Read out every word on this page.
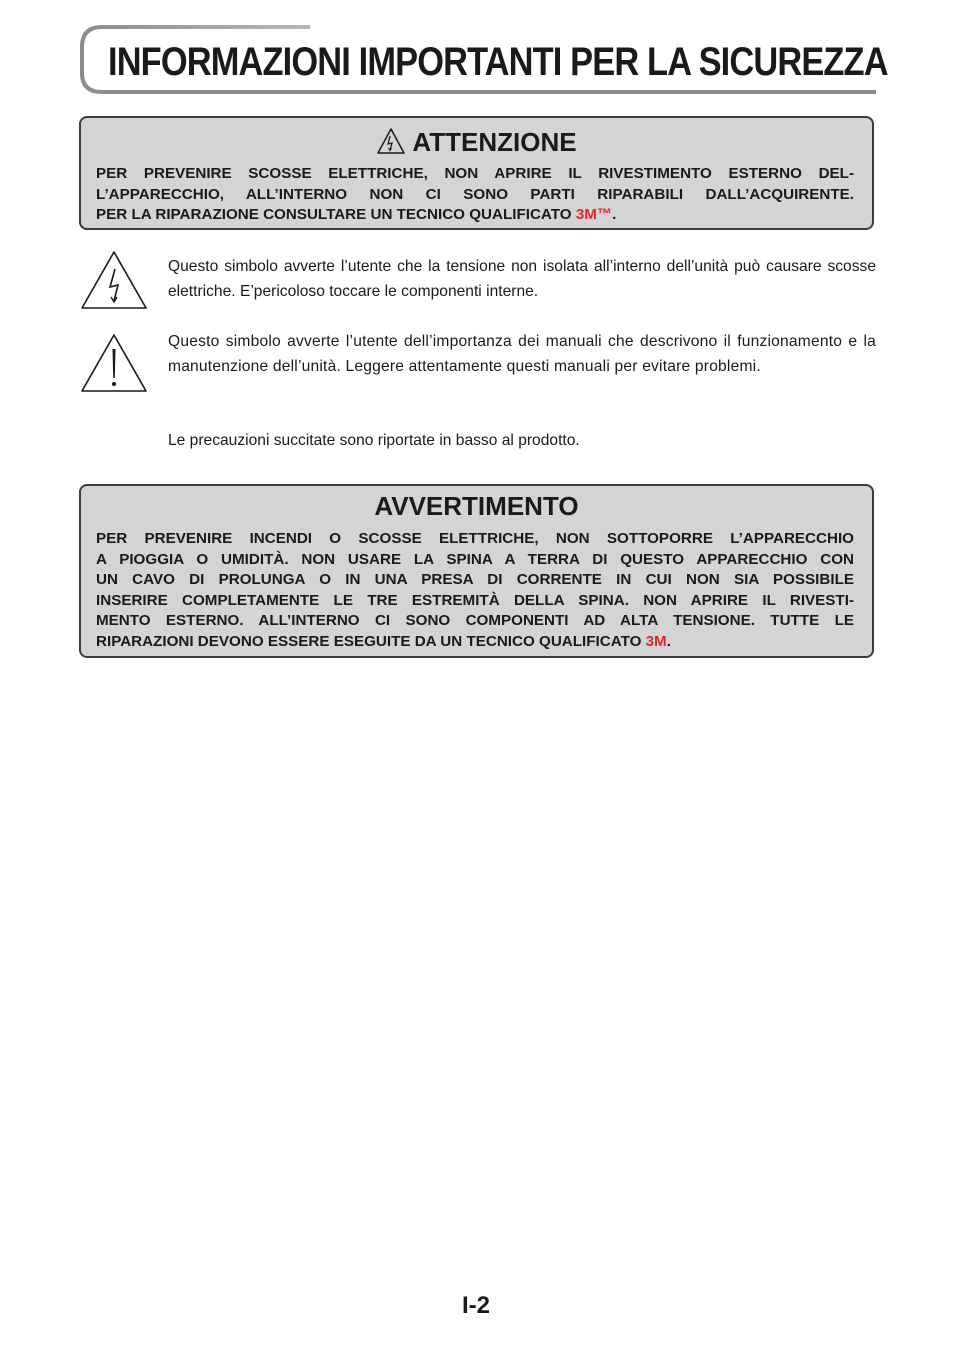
INFORMAZIONI IMPORTANTI PER LA SICUREZZA
ATTENZIONE

PER PREVENIRE SCOSSE ELETTRICHE, NON APRIRE IL RIVESTIMENTO ESTERNO DEL-

L’APPARECCHIO, ALL’INTERNO NON CI SONO PARTI RIPARABILI DALL’ACQUIRENTE.

PER LA RIPARAZIONE CONSULTARE UN TECNICO QUALIFICATO 3M™.

Questo simbolo avverte l’utente che la tensione non isolata all’interno dell’unità può causare scosse elettriche. E’pericoloso toccare le componenti interne.

Questo simbolo avverte l’utente dell’importanza dei manuali che descrivono il funzionamento e la manutenzione dell’unità. Leggere attentamente questi manuali per evitare problemi.

Le precauzioni succitate sono riportate in basso al prodotto.

AVVERTIMENTO

PER PREVENIRE INCENDI O SCOSSE ELETTRICHE, NON SOTTOPORRE L’APPARECCHIO

A PIOGGIA O UMIDITÀ. NON USARE LA SPINA A TERRA DI QUESTO APPARECCHIO CON

UN CAVO DI PROLUNGA O IN UNA PRESA DI CORRENTE IN CUI NON SIA POSSIBILE

INSERIRE COMPLETAMENTE LE TRE ESTREMITÀ DELLA SPINA. NON APRIRE IL RIVESTI-

MENTO ESTERNO. ALL’INTERNO CI SONO COMPONENTI AD ALTA TENSIONE. TUTTE LE

RIPARAZIONI DEVONO ESSERE ESEGUITE DA UN TECNICO QUALIFICATO 3M.

I-2
